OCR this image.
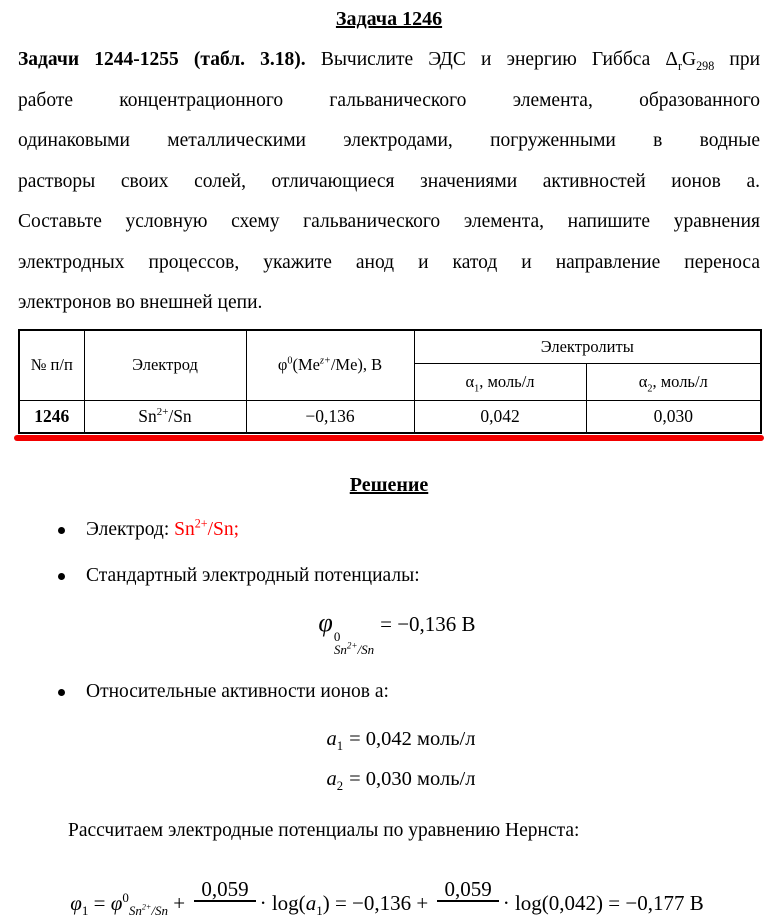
Задача 1246
Задачи 1244-1255 (табл. 3.18). Вычислите ЭДС и энергию Гиббса $\Delta_rG_{298}$ при
работе концентрационного гальванического элемента, образованного
одинаковыми металлическими электродами, погруженными в водные
растворы своих солей, отличающиеся значениями активностей ионов а.
Составьте условную схему гальванического элемента, напишите уравнения
электродных процессов, укажите анод и катод и направление переноса
электронов во внешней цепи.
№ п/п	Электрод	$\varphi^0(Me^{z+}/Me)$, В	Электролиты	
			$\alpha_1$, моль/л	$\alpha_2$, моль/л
1246	$Sn^{2+}/Sn$	−0,136	0,042	0,030
Решение
Электрод: $Sn^{2+}/Sn$;
Стандартный электродный потенциалы:
φ 0
$Sn^{2+}/Sn$
= −0,136 В
Относительные активности ионов a:
$a_1 = 0,042$ моль/л
$a_2 = 0,030$ моль/л
Рассчитаем электродные потенциалы по уравнению Нернста:
$\varphi_1 = \varphi^0_{Sn^{2+}/Sn}$ +
0,059
· $\log(a_1) = -0,136$ +
0,059
· log(0,042) = −0,177 В
